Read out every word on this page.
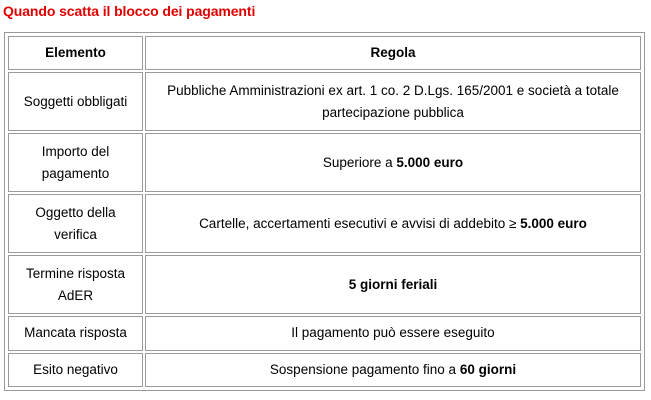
Quando scatta il blocco dei pagamenti
Elemento	Regola
Soggetti obbligati	Pubbliche Amministrazioni ex art. 1 co. 2 D.Lgs. 165/2001 e società a totale partecipazione pubblica
Importo del pagamento	Superiore a 5.000 euro
Oggetto della verifica	Cartelle, accertamenti esecutivi e avvisi di addebito ≥ 5.000 euro
Termine risposta AdER	5 giorni feriali
Mancata risposta	Il pagamento può essere eseguito
Esito negativo	Sospensione pagamento fino a 60 giorni
